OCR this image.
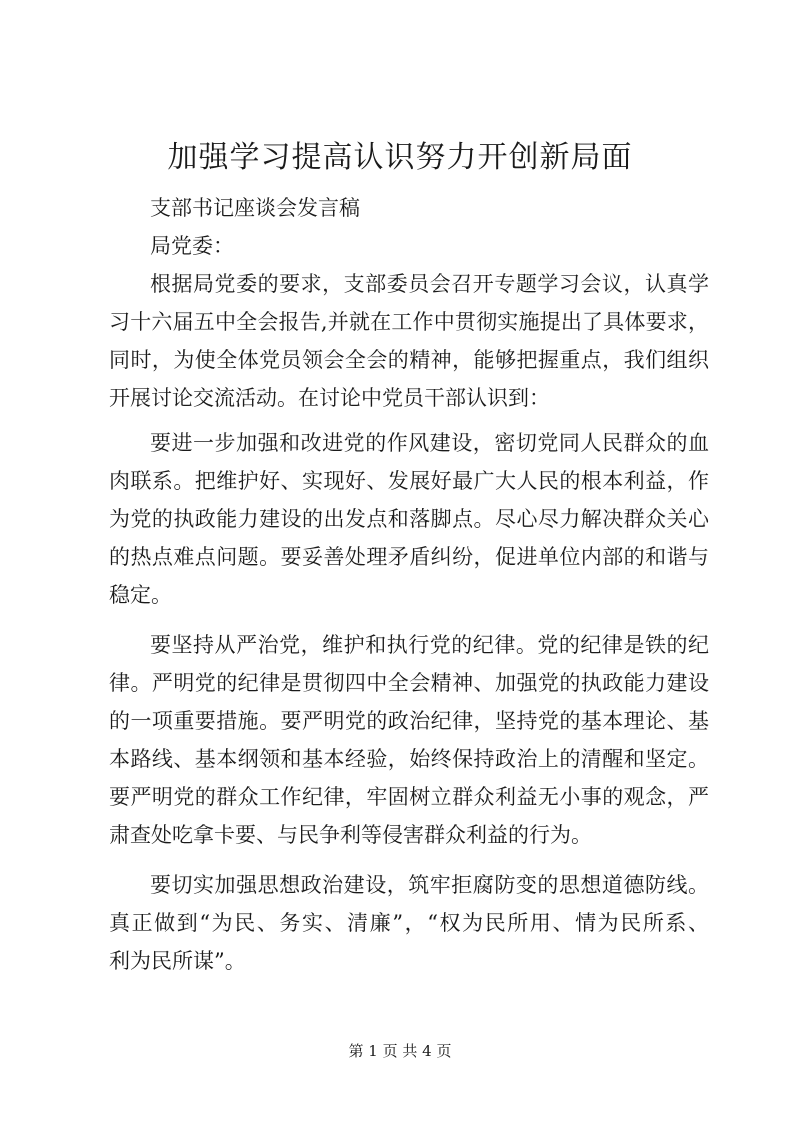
加强学习提高认识努力开创新局面

支部书记座谈会发言稿

局党委：

根据局党委的要求，支部委员会召开专题学习会议，认真学

习十六届五中全会报告,并就在工作中贯彻实施提出了具体要求，

同时，为使全体党员领会全会的精神，能够把握重点，我们组织

开展讨论交流活动。在讨论中党员干部认识到：

要进一步加强和改进党的作风建设，密切党同人民群众的血

肉联系。把维护好、实现好、发展好最广大人民的根本利益，作

为党的执政能力建设的出发点和落脚点。尽心尽力解决群众关心

的热点难点问题。要妥善处理矛盾纠纷，促进单位内部的和谐与

稳定。

要坚持从严治党，维护和执行党的纪律。党的纪律是铁的纪

律。严明党的纪律是贯彻四中全会精神、加强党的执政能力建设

的一项重要措施。要严明党的政治纪律，坚持党的基本理论、基

本路线、基本纲领和基本经验，始终保持政治上的清醒和坚定。

要严明党的群众工作纪律，牢固树立群众利益无小事的观念，严

肃查处吃拿卡要、与民争利等侵害群众利益的行为。

要切实加强思想政治建设，筑牢拒腐防变的思想道德防线。

真正做到“为民、务实、清廉”，“权为民所用、情为民所系、

利为民所谋”。

第 1 页 共 4 页
